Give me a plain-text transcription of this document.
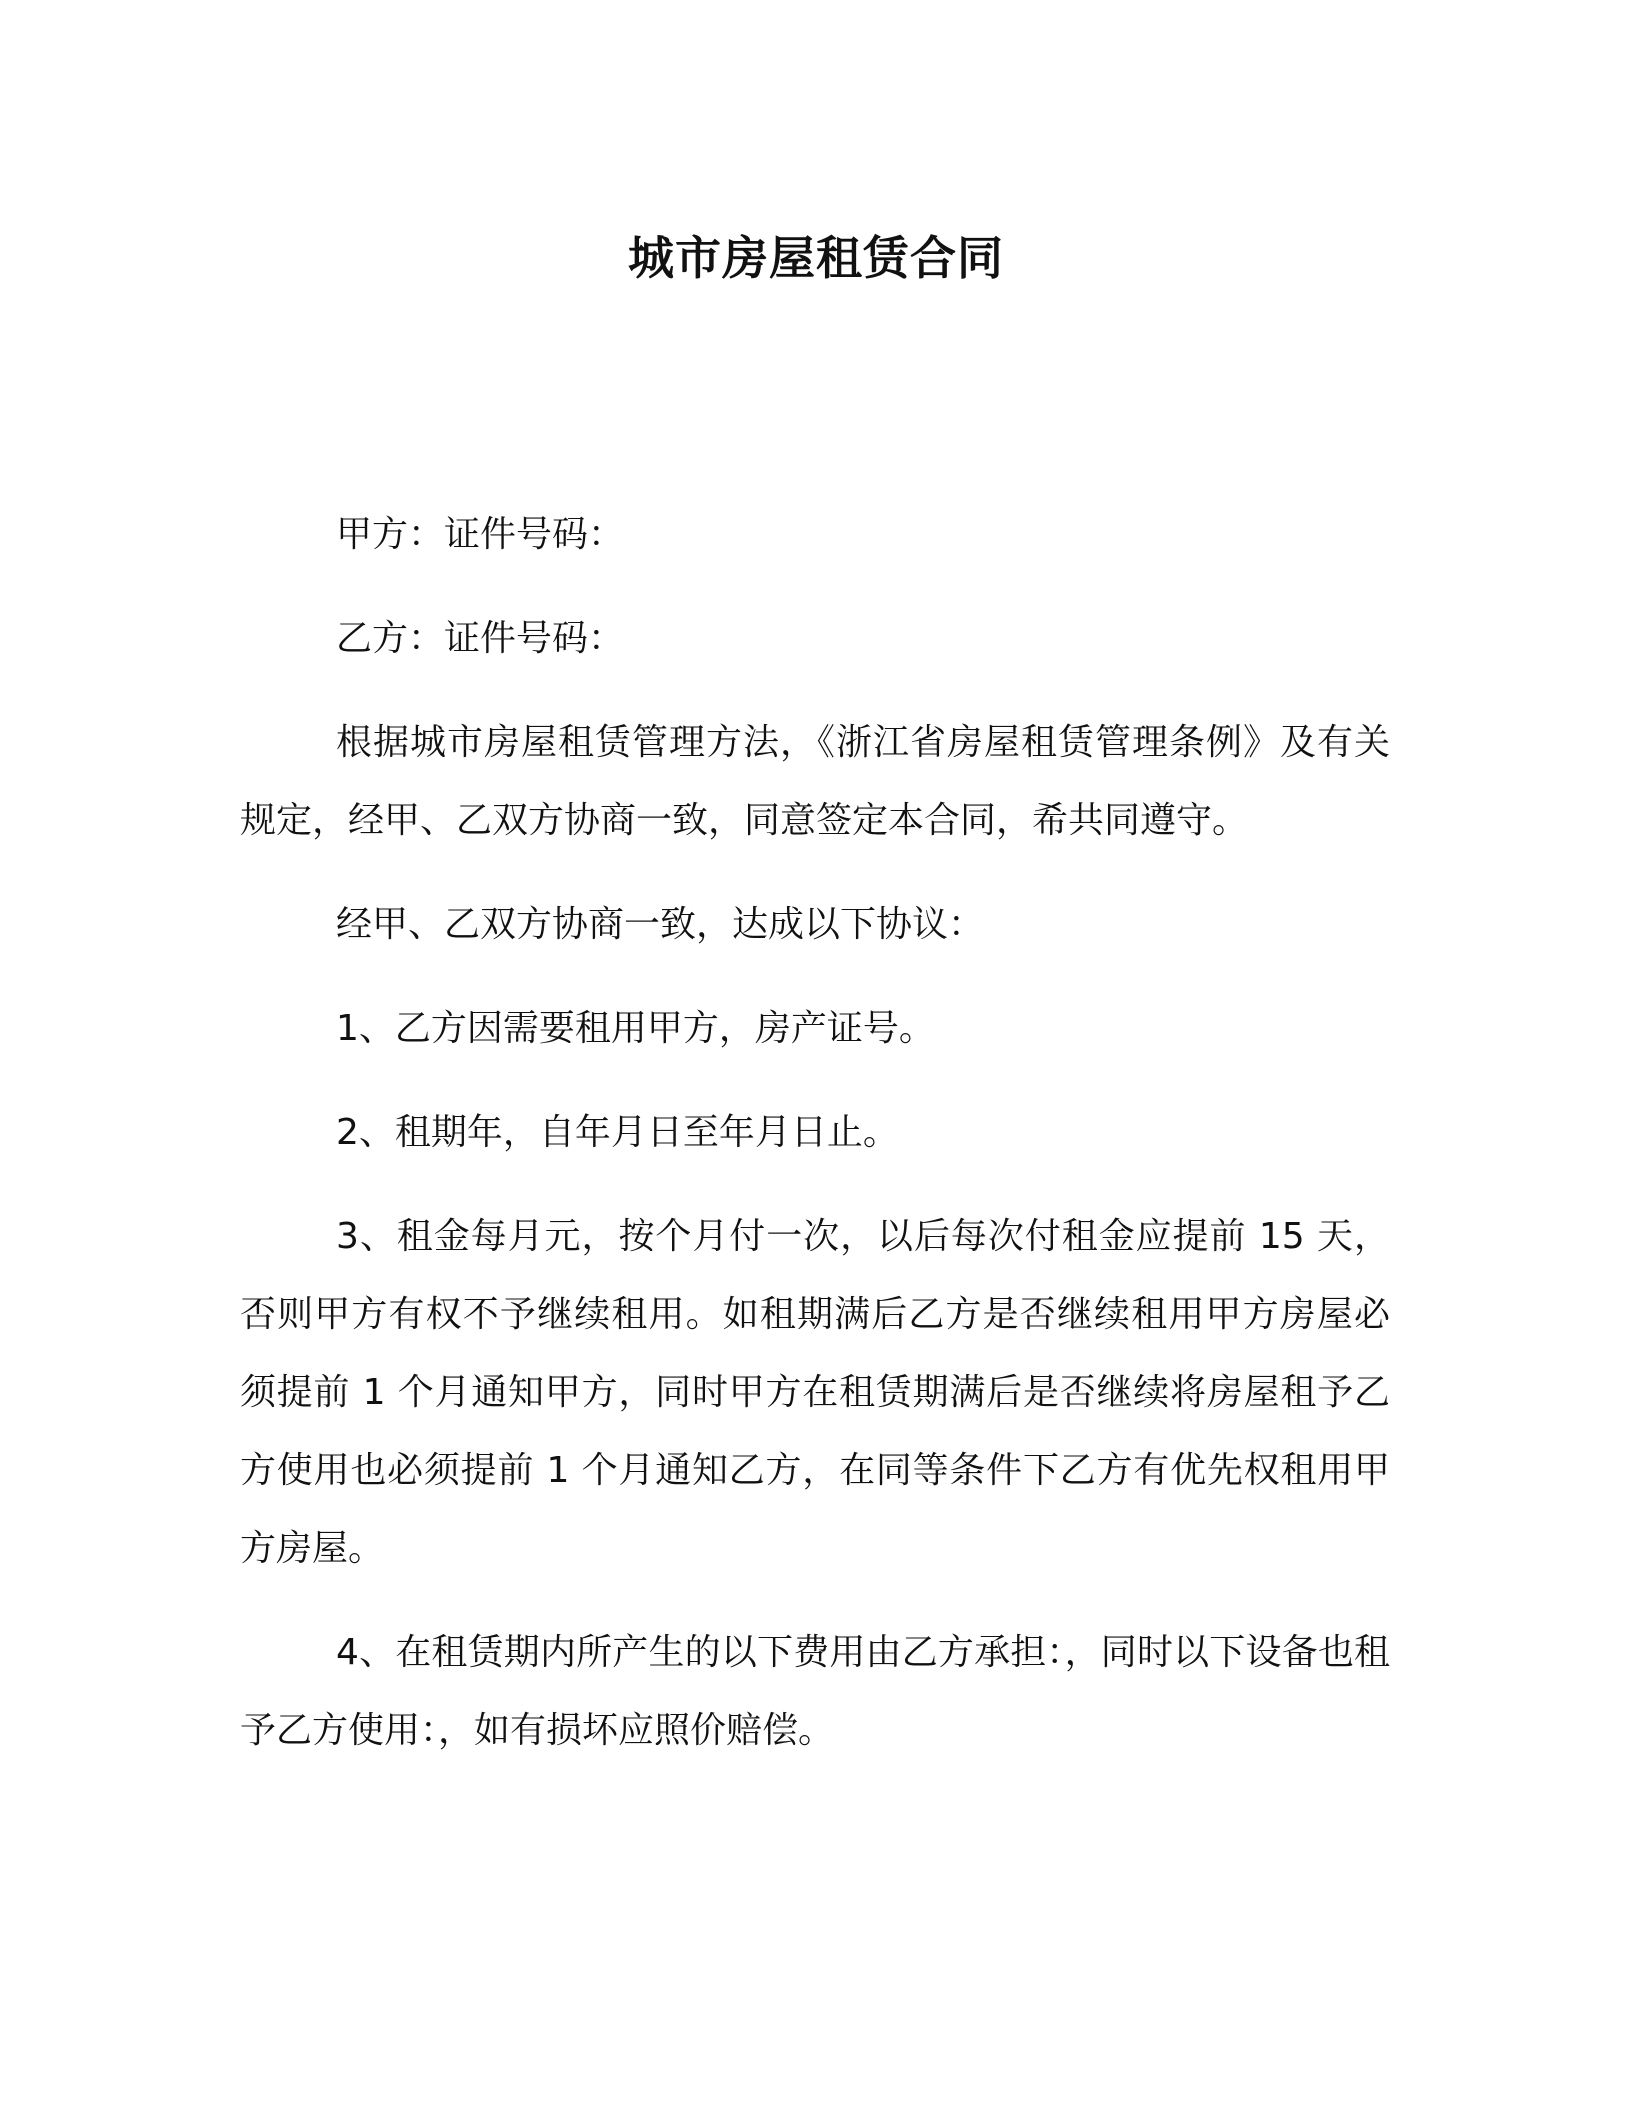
城市房屋租赁合同

甲方：证件号码：

乙方：证件号码：

根据城市房屋租赁管理方法，《浙江省房屋租赁管理条例》及有关规定，经甲、乙双方协商一致，同意签定本合同，希共同遵守。

经甲、乙双方协商一致，达成以下协议：

1、乙方因需要租用甲方，房产证号。

2、租期年，自年月日至年月日止。

3、租金每月元，按个月付一次，以后每次付租金应提前 15 天，否则甲方有权不予继续租用。如租期满后乙方是否继续租用甲方房屋必须提前 1 个月通知甲方，同时甲方在租赁期满后是否继续将房屋租予乙方使用也必须提前 1 个月通知乙方，在同等条件下乙方有优先权租用甲方房屋。

4、在租赁期内所产生的以下费用由乙方承担：，同时以下设备也租予乙方使用：，如有损坏应照价赔偿。
